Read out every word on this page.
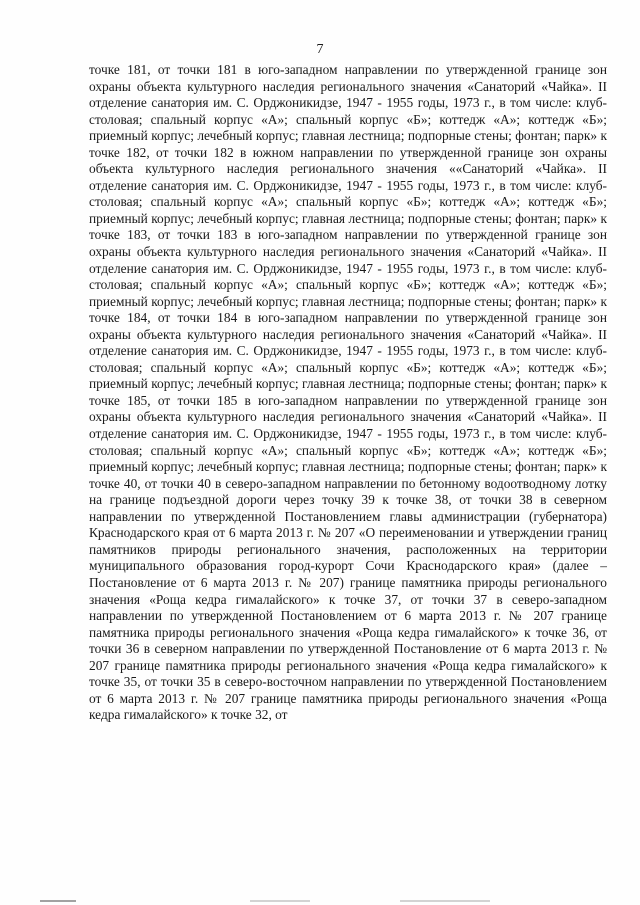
7

точке 181, от точки 181 в юго-западном направлении по утвержденной границе зон охраны объекта культурного наследия регионального значения «Санаторий «Чайка». II отделение санатория им. С. Орджоникидзе, 1947 - 1955 годы, 1973 г., в том числе: клуб-столовая; спальный корпус «А»; спальный корпус «Б»; коттедж «А»; коттедж «Б»; приемный корпус; лечебный корпус; главная лестница; подпорные стены; фонтан; парк» к точке 182, от точки 182 в южном направлении по утвержденной границе зон охраны объекта культурного наследия регионального значения ««Санаторий «Чайка». II отделение санатория им. С. Орджоникидзе, 1947 - 1955 годы, 1973 г., в том числе: клуб-столовая; спальный корпус «А»; спальный корпус «Б»; коттедж «А»; коттедж «Б»; приемный корпус; лечебный корпус; главная лестница; подпорные стены; фонтан; парк» к точке 183, от точки 183 в юго-западном направлении по утвержденной границе зон охраны объекта культурного наследия регионального значения «Санаторий «Чайка». II отделение санатория им. С. Орджоникидзе, 1947 - 1955 годы, 1973 г., в том числе: клуб-столовая; спальный корпус «А»; спальный корпус «Б»; коттедж «А»; коттедж «Б»; приемный корпус; лечебный корпус; главная лестница; подпорные стены; фонтан; парк» к точке 184, от точки 184 в юго-западном направлении по утвержденной границе зон охраны объекта культурного наследия регионального значения «Санаторий «Чайка». II отделение санатория им. С. Орджоникидзе, 1947 - 1955 годы, 1973 г., в том числе: клуб-столовая; спальный корпус «А»; спальный корпус «Б»; коттедж «А»; коттедж «Б»; приемный корпус; лечебный корпус; главная лестница; подпорные стены; фонтан; парк» к точке 185, от точки 185 в юго-западном направлении по утвержденной границе зон охраны объекта культурного наследия регионального значения «Санаторий «Чайка». II отделение санатория им. С. Орджоникидзе, 1947 - 1955 годы, 1973 г., в том числе: клуб-столовая; спальный корпус «А»; спальный корпус «Б»; коттедж «А»; коттедж «Б»; приемный корпус; лечебный корпус; главная лестница; подпорные стены; фонтан; парк» к точке 40, от точки 40 в северо-западном направлении по бетонному водоотводному лотку на границе подъездной дороги через точку 39 к точке 38, от точки 38 в северном направлении по утвержденной Постановлением главы администрации (губернатора) Краснодарского края от 6 марта 2013 г. № 207 «О переименовании и утверждении границ памятников природы регионального значения, расположенных на территории муниципального образования город-курорт Сочи Краснодарского края» (далее – Постановление от 6 марта 2013 г. № 207) границе памятника природы регионального значения «Роща кедра гималайского» к точке 37, от точки 37 в северо-западном направлении по утвержденной Постановлением от 6 марта 2013 г. № 207 границе памятника природы регионального значения «Роща кедра гималайского» к точке 36, от точки 36 в северном направлении по утвержденной Постановление от 6 марта 2013 г. № 207 границе памятника природы регионального значения «Роща кедра гималайского» к точке 35, от точки 35 в северо-восточном направлении по утвержденной Постановлением от 6 марта 2013 г. № 207 границе памятника природы регионального значения «Роща кедра гималайского» к точке 32, от
